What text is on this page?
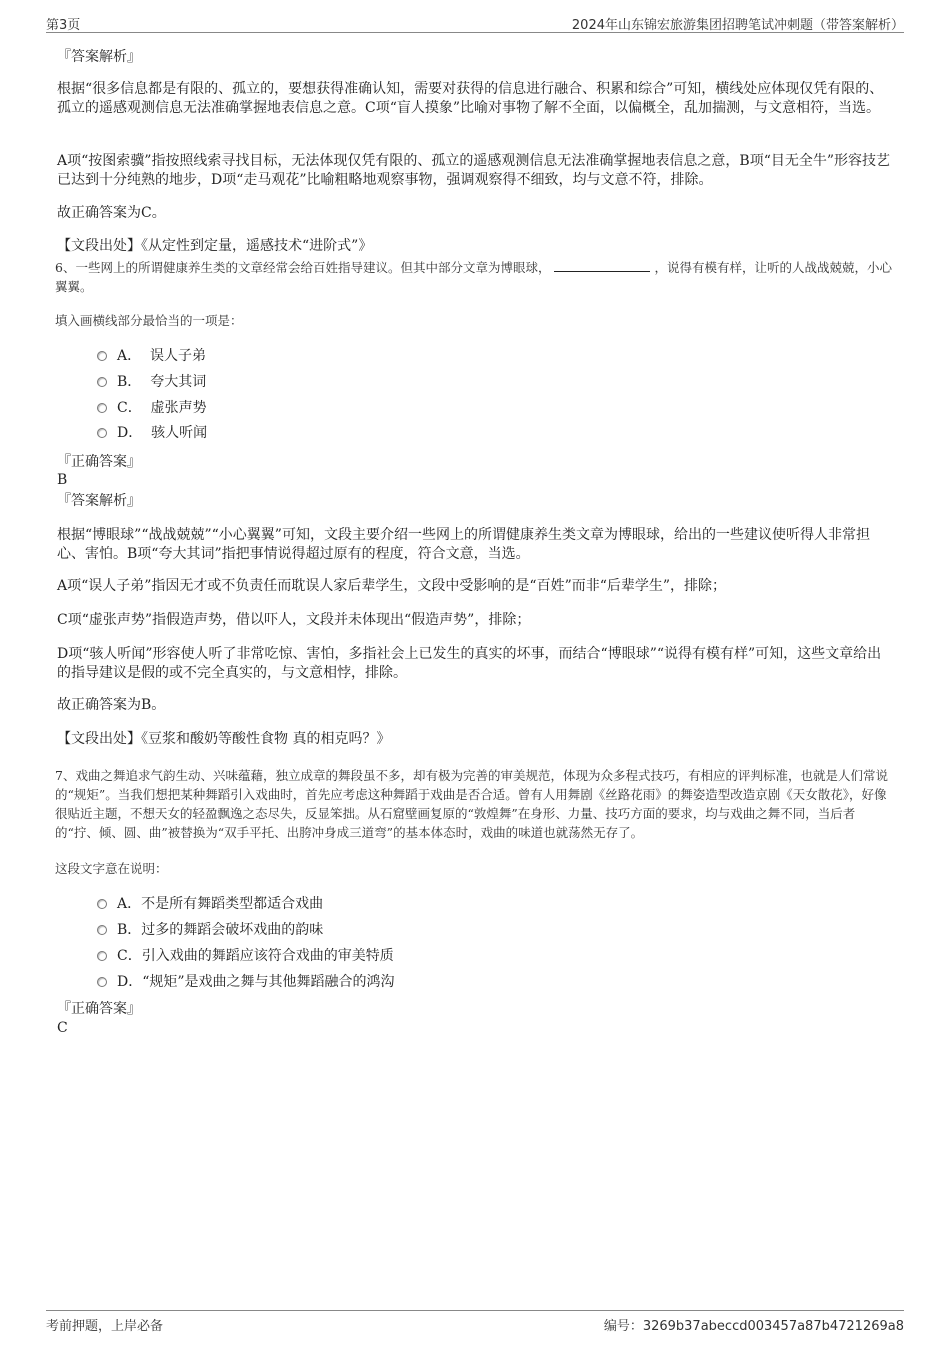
第3页	2024年山东锦宏旅游集团招聘笔试冲刺题（带答案解析）
『答案解析』
根据“很多信息都是有限的、孤立的，要想获得准确认知，需要对获得的信息进行融合、积累和综合”可知，横线处应体现仅凭有限的、孤立的遥感观测信息无法准确掌握地表信息之意。C项“盲人摸象”比喻对事物了解不全面，以偏概全，乱加揣测，与文意相符，当选。
A项“按图索骥”指按照线索寻找目标，无法体现仅凭有限的、孤立的遥感观测信息无法准确掌握地表信息之意，B项“目无全牛”形容技艺已达到十分纯熟的地步，D项“走马观花”比喻粗略地观察事物，强调观察得不细致，均与文意不符，排除。
故正确答案为C。
【文段出处】《从定性到定量，遥感技术“进阶式”》
6、一些网上的所谓健康养生类的文章经常会给百姓指导建议。但其中部分文章为博眼球，	，说得有模有样，让听的人战战兢兢，小心翼翼。
填入画横线部分最恰当的一项是：
A． 误人子弟
B． 夸大其词
C． 虚张声势
D． 骇人听闻
『正确答案』
B
『答案解析』
根据“博眼球”“战战兢兢”“小心翼翼”可知，文段主要介绍一些网上的所谓健康养生类文章为博眼球，给出的一些建议使听得人非常担心、害怕。B项“夸大其词”指把事情说得超过原有的程度，符合文意，当选。
A项“误人子弟”指因无才或不负责任而耽误人家后辈学生，文段中受影响的是“百姓”而非“后辈学生”，排除；
C项“虚张声势”指假造声势，借以吓人，文段并未体现出“假造声势”，排除；
D项“骇人听闻”形容使人听了非常吃惊、害怕，多指社会上已发生的真实的坏事，而结合“博眼球”“说得有模有样”可知，这些文章给出的指导建议是假的或不完全真实的，与文意相悖，排除。
故正确答案为B。
【文段出处】《豆浆和酸奶等酸性食物 真的相克吗？》
7、戏曲之舞追求气韵生动、兴味蕴藉，独立成章的舞段虽不多，却有极为完善的审美规范，体现为众多程式技巧，有相应的评判标准，也就是人们常说的“规矩”。当我们想把某种舞蹈引入戏曲时，首先应考虑这种舞蹈于戏曲是否合适。曾有人用舞剧《丝路花雨》的舞姿造型改造京剧《天女散花》，好像很贴近主题，不想天女的轻盈飘逸之态尽失，反显笨拙。从石窟壁画复原的“敦煌舞”在身形、力量、技巧方面的要求，均与戏曲之舞不同，当后者的“拧、倾、圆、曲”被替换为“双手平托、出胯冲身成三道弯”的基本体态时，戏曲的味道也就荡然无存了。
这段文字意在说明：
A．不是所有舞蹈类型都适合戏曲
B．过多的舞蹈会破坏戏曲的韵味
C．引入戏曲的舞蹈应该符合戏曲的审美特质
D．“规矩”是戏曲之舞与其他舞蹈融合的鸿沟
『正确答案』
C
考前押题，上岸必备	编号：3269b37abeccd003457a87b4721269a8
